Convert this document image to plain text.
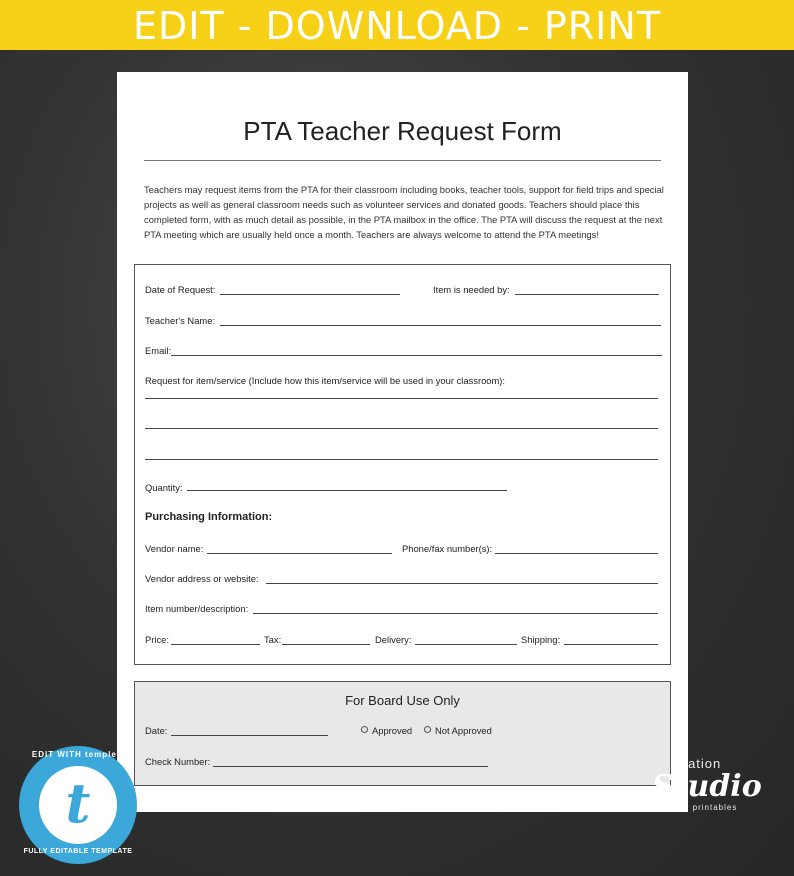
EDIT - DOWNLOAD - PRINT
PTA Teacher Request Form
Teachers may request items from the PTA for their classroom including books, teacher tools, support for field trips and special projects as well as general classroom needs such as volunteer services and donated goods. Teachers should place this completed form, with as much detail as possible, in the PTA mailbox in the office. The PTA will discuss the request at the next PTA meeting which are usually held once a month. Teachers are always welcome to attend the PTA meetings!
Date of Request:	Item is needed by:
Teacher's Name:
Email:
Request for item/service (Include how this item/service will be used in your classroom):
Quantity:
Purchasing Information:
Vendor name:	Phone/fax number(s):
Vendor address or website:
Item number/description:
Price:	Tax:	Delivery:	Shipping:
For Board Use Only
Date:	Approved	Not Approved
Check Number:
EDIT WITH templett
t
FULLY EDITABLE TEMPLATE
ration
Studio
party printables
